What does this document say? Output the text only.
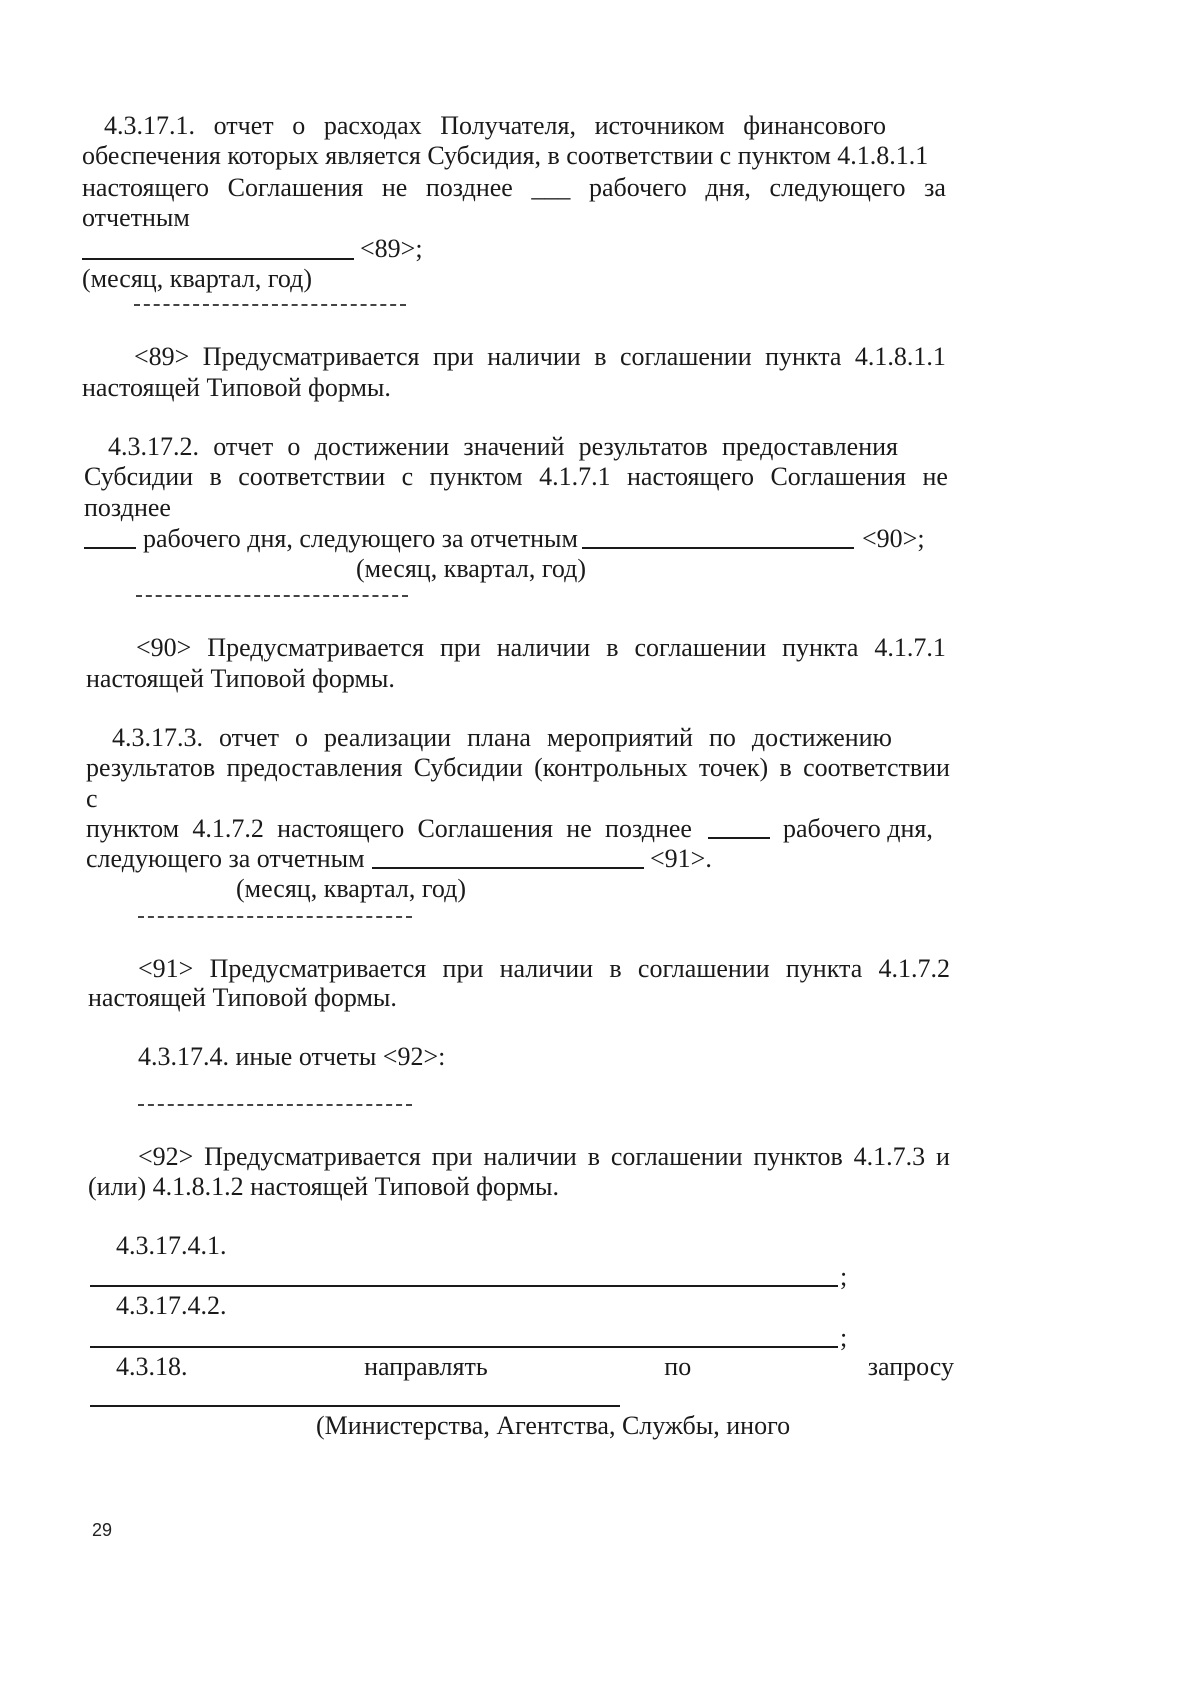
4.3.17.1. отчет о расходах Получателя, источником финансового
обеспечения которых является Субсидия, в соответствии с пунктом 4.1.8.1.1
настоящего Соглашения не позднее ___ рабочего дня, следующего за
отчетным
<89>;
(месяц, квартал, год)
<89> Предусматривается при наличии в соглашении пункта 4.1.8.1.1
настоящей Типовой формы.
4.3.17.2. отчет о достижении значений результатов предоставления
Субсидии в соответствии с пунктом 4.1.7.1 настоящего Соглашения не
позднее
рабочего дня, следующего за отчетным	<90>;
(месяц, квартал, год)
<90> Предусматривается при наличии в соглашении пункта 4.1.7.1
настоящей Типовой формы.
4.3.17.3. отчет о реализации плана мероприятий по достижению
результатов предоставления Субсидии (контрольных точек) в соответствии
с
пунктом 4.1.7.2 настоящего Соглашения не позднее	рабочего дня,
следующего за отчетным	<91>.
(месяц, квартал, год)
<91> Предусматривается при наличии в соглашении пункта 4.1.7.2
настоящей Типовой формы.
4.3.17.4. иные отчеты <92>:
<92> Предусматривается при наличии в соглашении пунктов 4.1.7.3 и
(или) 4.1.8.1.2 настоящей Типовой формы.
4.3.17.4.1.
;
4.3.17.4.2.
;
4.3.18.	направлять	по	запросу
(Министерства, Агентства, Службы, иного
29
